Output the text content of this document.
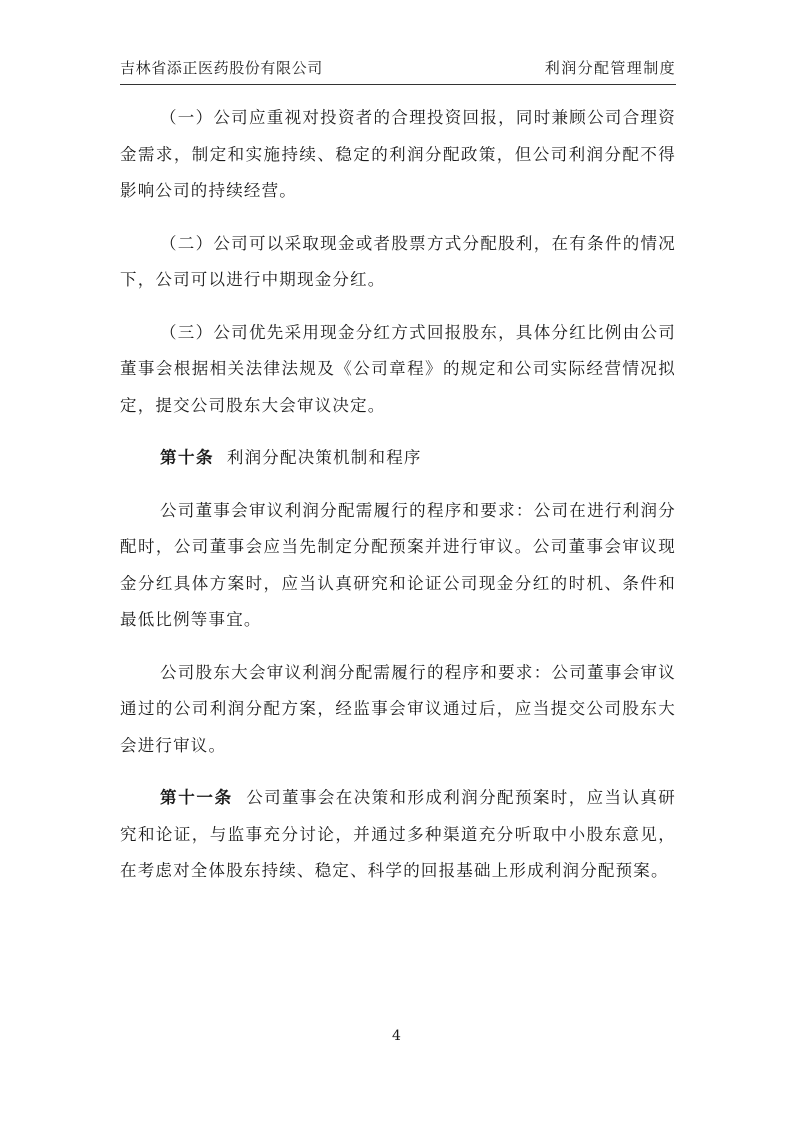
吉林省添正医药股份有限公司	利润分配管理制度

（一）公司应重视对投资者的合理投资回报，同时兼顾公司合理资金需求，制定和实施持续、稳定的利润分配政策，但公司利润分配不得影响公司的持续经营。

（二）公司可以采取现金或者股票方式分配股利，在有条件的情况下，公司可以进行中期现金分红。

（三）公司优先采用现金分红方式回报股东，具体分红比例由公司董事会根据相关法律法规及《公司章程》的规定和公司实际经营情况拟定，提交公司股东大会审议决定。

第十条 利润分配决策机制和程序

公司董事会审议利润分配需履行的程序和要求：公司在进行利润分配时，公司董事会应当先制定分配预案并进行审议。公司董事会审议现金分红具体方案时，应当认真研究和论证公司现金分红的时机、条件和最低比例等事宜。

公司股东大会审议利润分配需履行的程序和要求：公司董事会审议通过的公司利润分配方案，经监事会审议通过后，应当提交公司股东大会进行审议。

第十一条 公司董事会在决策和形成利润分配预案时，应当认真研究和论证，与监事充分讨论，并通过多种渠道充分听取中小股东意见，在考虑对全体股东持续、稳定、科学的回报基础上形成利润分配预案。

4
